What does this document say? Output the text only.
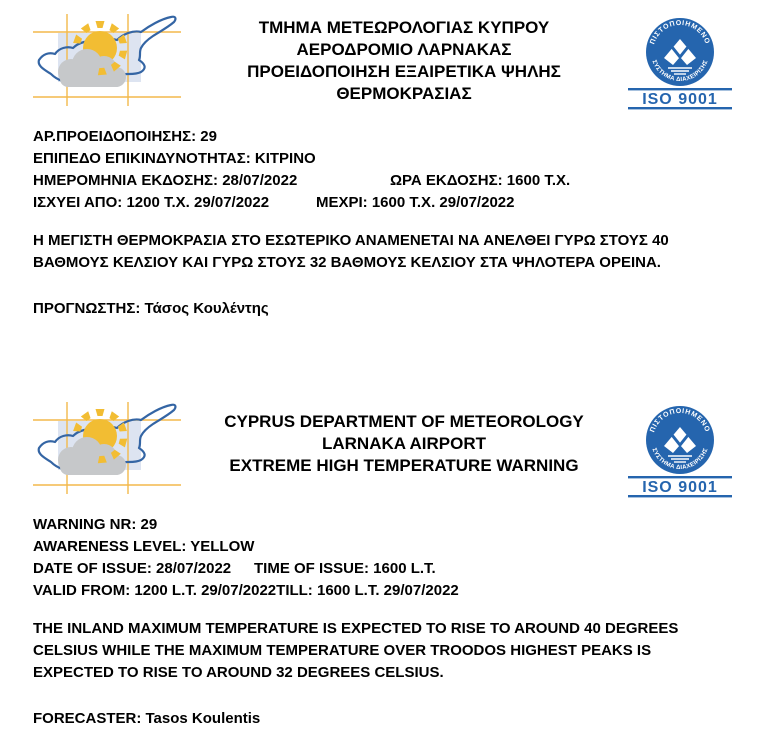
ΤΜΗΜΑ ΜΕΤΕΩΡΟΛΟΓΙΑΣ ΚΥΠΡΟΥ
ΑΕΡΟΔΡΟΜΙΟ ΛΑΡΝΑΚΑΣ
ΠΡΟΕΙΔΟΠΟΙΗΣΗ ΕΞΑΙΡΕΤΙΚΑ ΨΗΛΗΣ
ΘΕΡΜΟΚΡΑΣΙΑΣ
ΑΡ.ΠΡΟΕΙΔΟΠΟΙΗΣΗΣ: 29
ΕΠΙΠΕΔΟ ΕΠΙΚΙΝΔΥΝΟΤΗΤΑΣ: ΚΙΤΡΙΝΟ
ΗΜΕΡΟΜΗΝΙΑ ΕΚΔΟΣΗΣ: 28/07/2022	ΩΡΑ ΕΚΔΟΣΗΣ: 1600 Τ.Χ.
ΙΣΧΥΕΙ ΑΠΟ: 1200 Τ.Χ. 29/07/2022	ΜΕΧΡΙ: 1600 Τ.Χ. 29/07/2022
Η ΜΕΓΙΣΤΗ ΘΕΡΜΟΚΡΑΣΙΑ ΣΤΟ ΕΣΩΤΕΡΙΚΟ ΑΝΑΜΕΝΕΤΑΙ ΝΑ ΑΝΕΛΘΕΙ ΓΥΡΩ ΣΤΟΥΣ 40 ΒΑΘΜΟΥΣ ΚΕΛΣΙΟΥ ΚΑΙ ΓΥΡΩ ΣΤΟΥΣ 32 ΒΑΘΜΟΥΣ ΚΕΛΣΙΟΥ ΣΤΑ ΨΗΛΟΤΕΡΑ ΟΡΕΙΝΑ.
ΠΡΟΓΝΩΣΤΗΣ: Τάσος Κουλέντης
CYPRUS DEPARTMENT OF METEOROLOGY
LARNAKA AIRPORT
EXTREME HIGH TEMPERATURE WARNING
WARNING NR: 29
AWARENESS LEVEL: YELLOW
DATE OF ISSUE: 28/07/2022	TIME OF ISSUE: 1600 L.T.
VALID FROM: 1200 L.T. 29/07/2022 TILL: 1600 L.T. 29/07/2022
THE INLAND MAXIMUM TEMPERATURE IS EXPECTED TO RISE TO AROUND 40 DEGREES CELSIUS WHILE THE MAXIMUM TEMPERATURE OVER TROODOS HIGHEST PEAKS IS EXPECTED TO RISE TO AROUND 32 DEGREES CELSIUS.
FORECASTER: Tasos Koulentis
